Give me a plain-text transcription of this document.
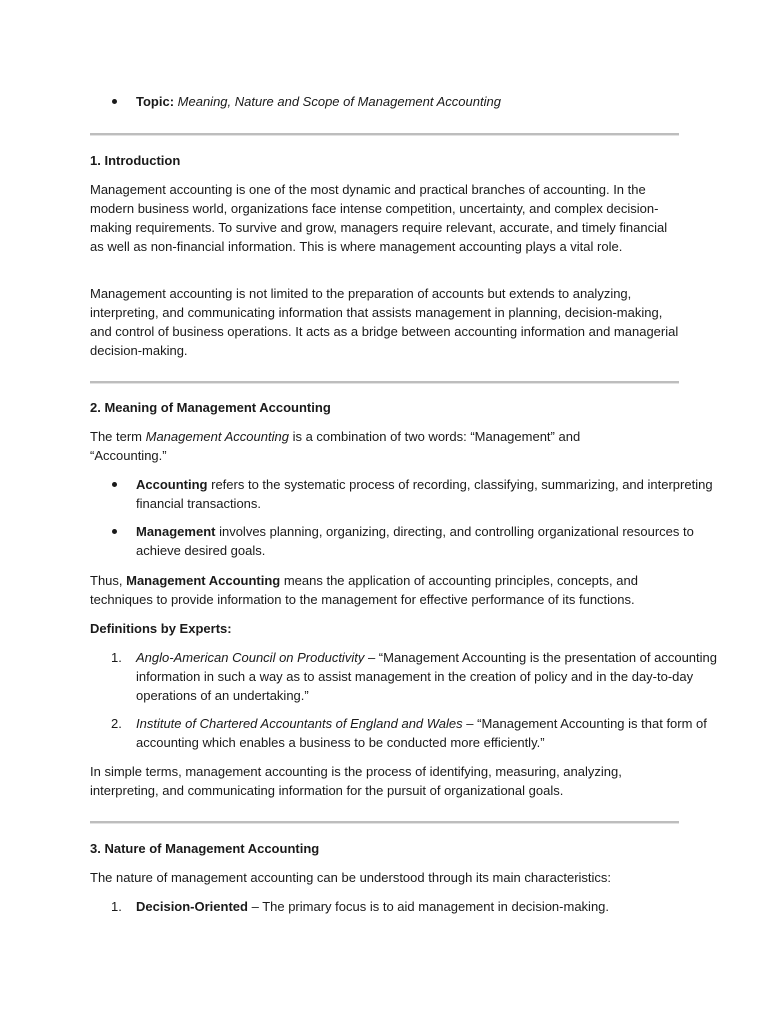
Topic: Meaning, Nature and Scope of Management Accounting
1. Introduction

Management accounting is one of the most dynamic and practical branches of accounting. In the modern business world, organizations face intense competition, uncertainty, and complex decision-making requirements. To survive and grow, managers require relevant, accurate, and timely financial as well as non-financial information. This is where management accounting plays a vital role.

Management accounting is not limited to the preparation of accounts but extends to analyzing, interpreting, and communicating information that assists management in planning, decision-making, and control of business operations. It acts as a bridge between accounting information and managerial decision-making.

2. Meaning of Management Accounting

The term Management Accounting is a combination of two words: “Management” and “Accounting.”

Accounting refers to the systematic process of recording, classifying, summarizing, and interpreting financial transactions.
Management involves planning, organizing, directing, and controlling organizational resources to achieve desired goals.

Thus, Management Accounting means the application of accounting principles, concepts, and techniques to provide information to the management for effective performance of its functions.

Definitions by Experts:
1. Anglo-American Council on Productivity – “Management Accounting is the presentation of accounting information in such a way as to assist management in the creation of policy and in the day-to-day operations of an undertaking.”
2. Institute of Chartered Accountants of England and Wales – “Management Accounting is that form of accounting which enables a business to be conducted more efficiently.”

In simple terms, management accounting is the process of identifying, measuring, analyzing, interpreting, and communicating information for the pursuit of organizational goals.

3. Nature of Management Accounting

The nature of management accounting can be understood through its main characteristics:

1. Decision-Oriented – The primary focus is to aid management in decision-making.
